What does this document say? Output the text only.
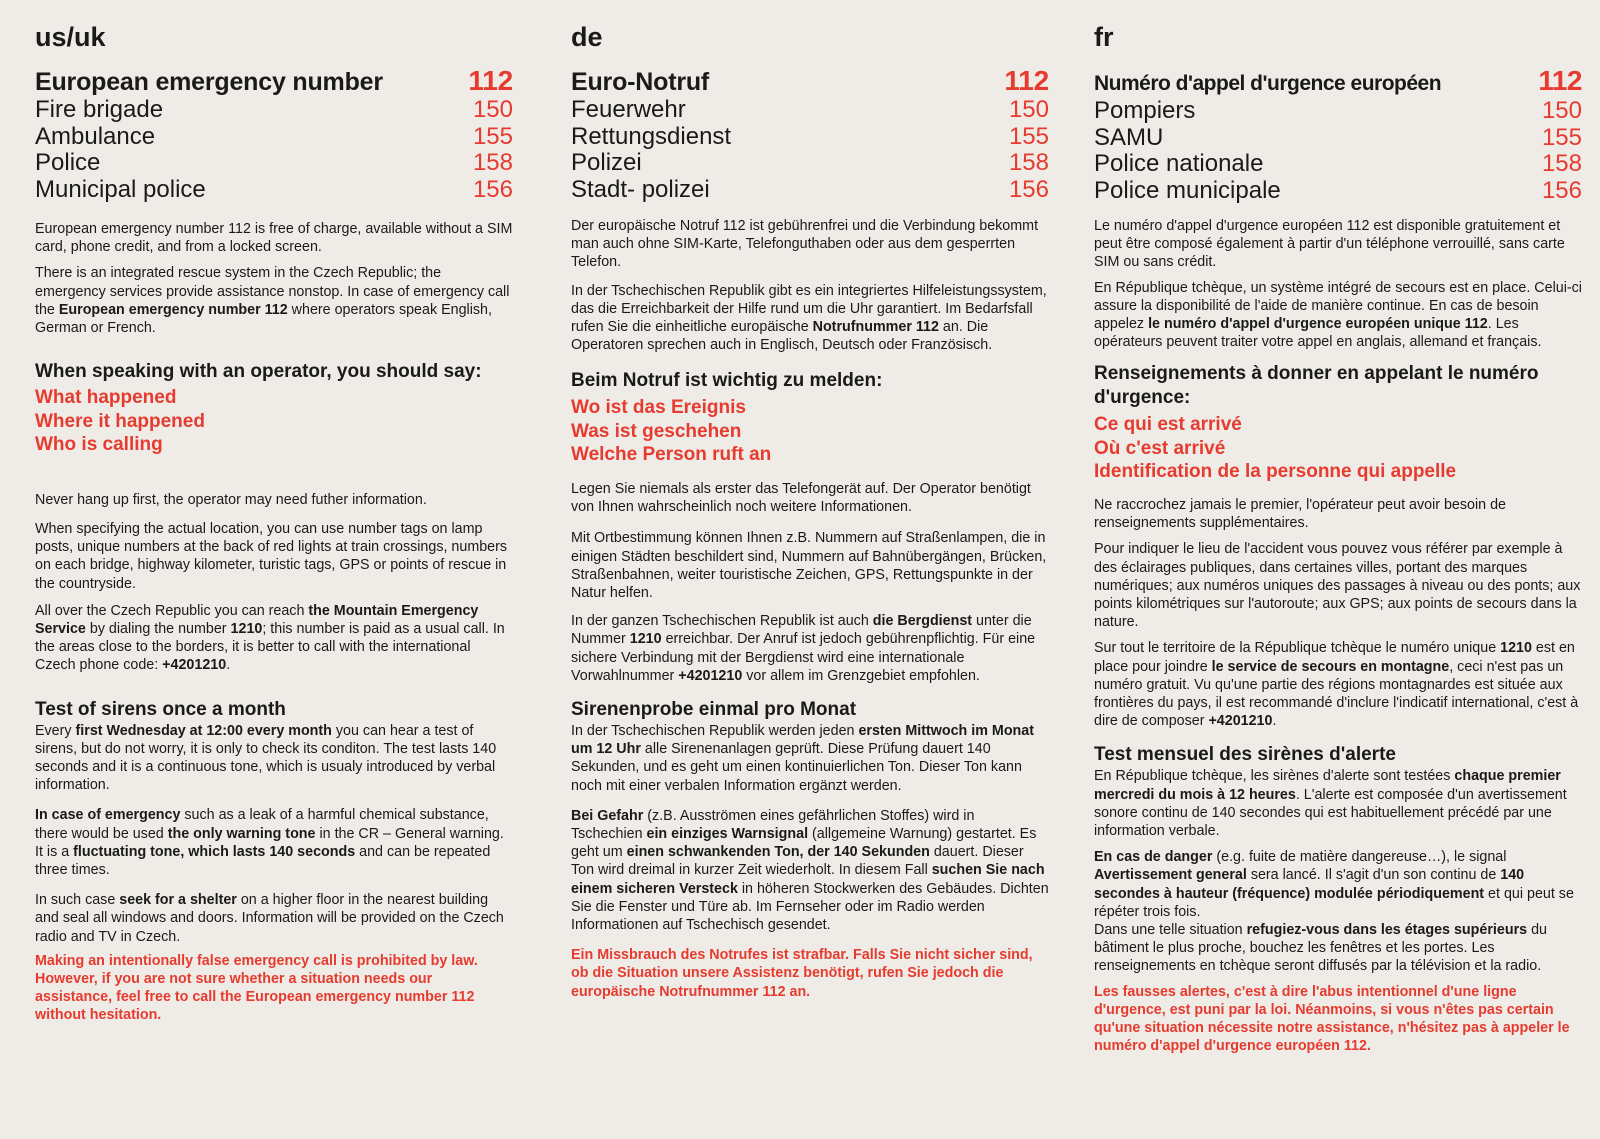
us/uk
European emergency number	112
Fire brigade	150
Ambulance	155
Police	158
Municipal police	156

European emergency number 112 is free of charge, available without a SIM card, phone credit, and from a locked screen.

There is an integrated rescue system in the Czech Republic; the emergency services provide assistance nonstop. In case of emergency call the European emergency number 112 where operators speak English, German or French.

When speaking with an operator, you should say:
What happened
Where it happened
Who is calling

Never hang up first, the operator may need futher information.

When specifying the actual location, you can use number tags on lamp posts, unique numbers at the back of red lights at train crossings, numbers on each bridge, highway kilometer, turistic tags, GPS or points of rescue in the countryside.

All over the Czech Republic you can reach the Mountain Emergency Service by dialing the number 1210; this number is paid as a usual call. In the areas close to the borders, it is better to call with the international Czech phone code: +4201210.

Test of sirens once a month

Every first Wednesday at 12:00 every month you can hear a test of sirens, but do not worry, it is only to check its conditon. The test lasts 140 seconds and it is a continuous tone, which is usualy introduced by verbal information.

In case of emergency such as a leak of a harmful chemical substance, there would be used the only warning tone in the CR – General warning. It is a fluctuating tone, which lasts 140 seconds and can be repeated three times.

In such case seek for a shelter on a higher floor in the nearest building and seal all windows and doors. Information will be provided on the Czech radio and TV in Czech.

Making an intentionally false emergency call is prohibited by law. However, if you are not sure whether a situation needs our assistance, feel free to call the European emergency number 112 without hesitation.

de
Euro-Notruf	112
Feuerwehr	150
Rettungsdienst	155
Polizei	158
Stadt- polizei	156

Der europäische Notruf 112 ist gebührenfrei und die Verbindung bekommt man auch ohne SIM-Karte, Telefonguthaben oder aus dem gesperrten Telefon.

In der Tschechischen Republik gibt es ein integriertes Hilfeleistungssystem, das die Erreichbarkeit der Hilfe rund um die Uhr garantiert. Im Bedarfsfall rufen Sie die einheitliche europäische Notrufnummer 112 an. Die Operatoren sprechen auch in Englisch, Deutsch oder Französisch.

Beim Notruf ist wichtig zu melden:
Wo ist das Ereignis
Was ist geschehen
Welche Person ruft an

Legen Sie niemals als erster das Telefongerät auf. Der Operator benötigt von Ihnen wahrscheinlich noch weitere Informationen.

Mit Ortbestimmung können Ihnen z.B. Nummern auf Straßenlampen, die in einigen Städten beschildert sind, Nummern auf Bahnübergängen, Brücken, Straßenbahnen, weiter touristische Zeichen, GPS, Rettungspunkte in der Natur helfen.

In der ganzen Tschechischen Republik ist auch die Bergdienst unter die Nummer 1210 erreichbar. Der Anruf ist jedoch gebührenpflichtig. Für eine sichere Verbindung mit der Bergdienst wird eine internationale Vorwahlnummer +4201210 vor allem im Grenzgebiet empfohlen.

Sirenenprobe einmal pro Monat

In der Tschechischen Republik werden jeden ersten Mittwoch im Monat um 12 Uhr alle Sirenenanlagen geprüft. Diese Prüfung dauert 140 Sekunden, und es geht um einen kontinuierlichen Ton. Dieser Ton kann noch mit einer verbalen Information ergänzt werden.

Bei Gefahr (z.B. Ausströmen eines gefährlichen Stoffes) wird in Tschechien ein einziges Warnsignal (allgemeine Warnung) gestartet. Es geht um einen schwankenden Ton, der 140 Sekunden dauert. Dieser Ton wird dreimal in kurzer Zeit wiederholt. In diesem Fall suchen Sie nach einem sicheren Versteck in höheren Stockwerken des Gebäudes. Dichten Sie die Fenster und Türe ab. Im Fernseher oder im Radio werden Informationen auf Tschechisch gesendet.

Ein Missbrauch des Notrufes ist strafbar. Falls Sie nicht sicher sind, ob die Situation unsere Assistenz benötigt, rufen Sie jedoch die europäische Notrufnummer 112 an.

fr
Numéro d'appel d'urgence européen	112
Pompiers	150
SAMU	155
Police nationale	158
Police municipale	156

Le numéro d'appel d'urgence européen 112 est disponible gratuitement et peut être composé également à partir d'un téléphone verrouillé, sans carte SIM ou sans crédit.

En République tchèque, un système intégré de secours est en place. Celui-ci assure la disponibilité de l'aide de manière continue. En cas de besoin appelez le numéro d'appel d'urgence européen unique 112. Les opérateurs peuvent traiter votre appel en anglais, allemand et français.

Renseignements à donner en appelant le numéro d'urgence:
Ce qui est arrivé
Où c'est arrivé
Identification de la personne qui appelle

Ne raccrochez jamais le premier, l'opérateur peut avoir besoin de renseignements supplémentaires.

Pour indiquer le lieu de l'accident vous pouvez vous référer par exemple à des éclairages publiques, dans certaines villes, portant des marques numériques; aux numéros uniques des passages à niveau ou des ponts; aux points kilométriques sur l'autoroute; aux GPS; aux points de secours dans la nature.

Sur tout le territoire de la République tchèque le numéro unique 1210 est en place pour joindre le service de secours en montagne, ceci n'est pas un numéro gratuit. Vu qu'une partie des régions montagnardes est située aux frontières du pays, il est recommandé d'inclure l'indicatif international, c'est à dire de composer +4201210.

Test mensuel des sirènes d'alerte

En République tchèque, les sirènes d'alerte sont testées chaque premier mercredi du mois à 12 heures. L'alerte est composée d'un avertissement sonore continu de 140 secondes qui est habituellement précédé par une information verbale.

En cas de danger (e.g. fuite de matière dangereuse…), le signal Avertissement general sera lancé. Il s'agit d'un son continu de 140 secondes à hauteur (fréquence) modulée périodiquement et qui peut se répéter trois fois.

Dans une telle situation refugiez-vous dans les étages supérieurs du bâtiment le plus proche, bouchez les fenêtres et les portes. Les renseignements en tchèque seront diffusés par la télévision et la radio.

Les fausses alertes, c'est à dire l'abus intentionnel d'une ligne d'urgence, est puni par la loi. Néanmoins, si vous n'êtes pas certain qu'une situation nécessite notre assistance, n'hésitez pas à appeler le numéro d'appel d'urgence européen 112.
